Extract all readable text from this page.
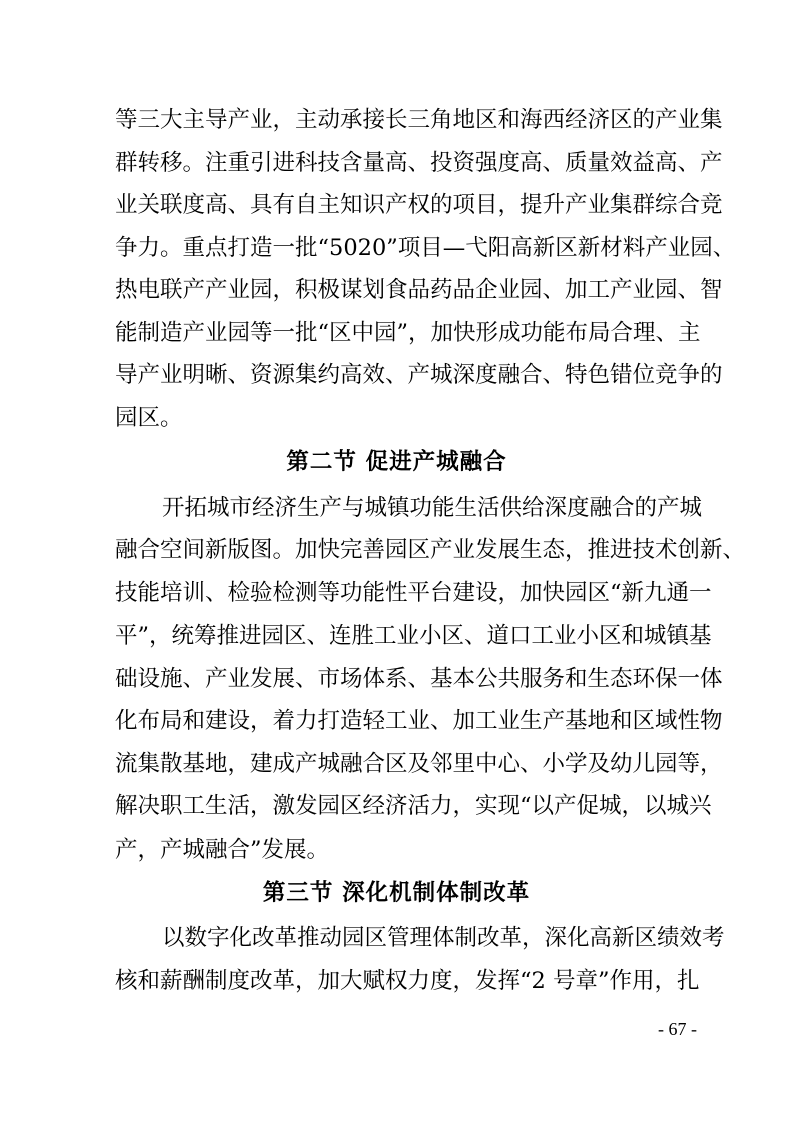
等三大主导产业，主动承接长三角地区和海西经济区的产业集
群转移。注重引进科技含量高、投资强度高、质量效益高、产
业关联度高、具有自主知识产权的项目，提升产业集群综合竞
争力。重点打造一批“5020”项目—弋阳高新区新材料产业园、
热电联产产业园，积极谋划食品药品企业园、加工产业园、智
能制造产业园等一批“区中园”，加快形成功能布局合理、主
导产业明晰、资源集约高效、产城深度融合、特色错位竞争的
园区。
第二节 促进产城融合
开拓城市经济生产与城镇功能生活供给深度融合的产城
融合空间新版图。加快完善园区产业发展生态，推进技术创新、
技能培训、检验检测等功能性平台建设，加快园区“新九通一
平”，统筹推进园区、连胜工业小区、道口工业小区和城镇基
础设施、产业发展、市场体系、基本公共服务和生态环保一体
化布局和建设，着力打造轻工业、加工业生产基地和区域性物
流集散基地，建成产城融合区及邻里中心、小学及幼儿园等，
解决职工生活，激发园区经济活力，实现“以产促城，以城兴
产，产城融合”发展。
第三节 深化机制体制改革
以数字化改革推动园区管理体制改革，深化高新区绩效考
核和薪酬制度改革，加大赋权力度，发挥“2 号章”作用，扎
- 67 -
